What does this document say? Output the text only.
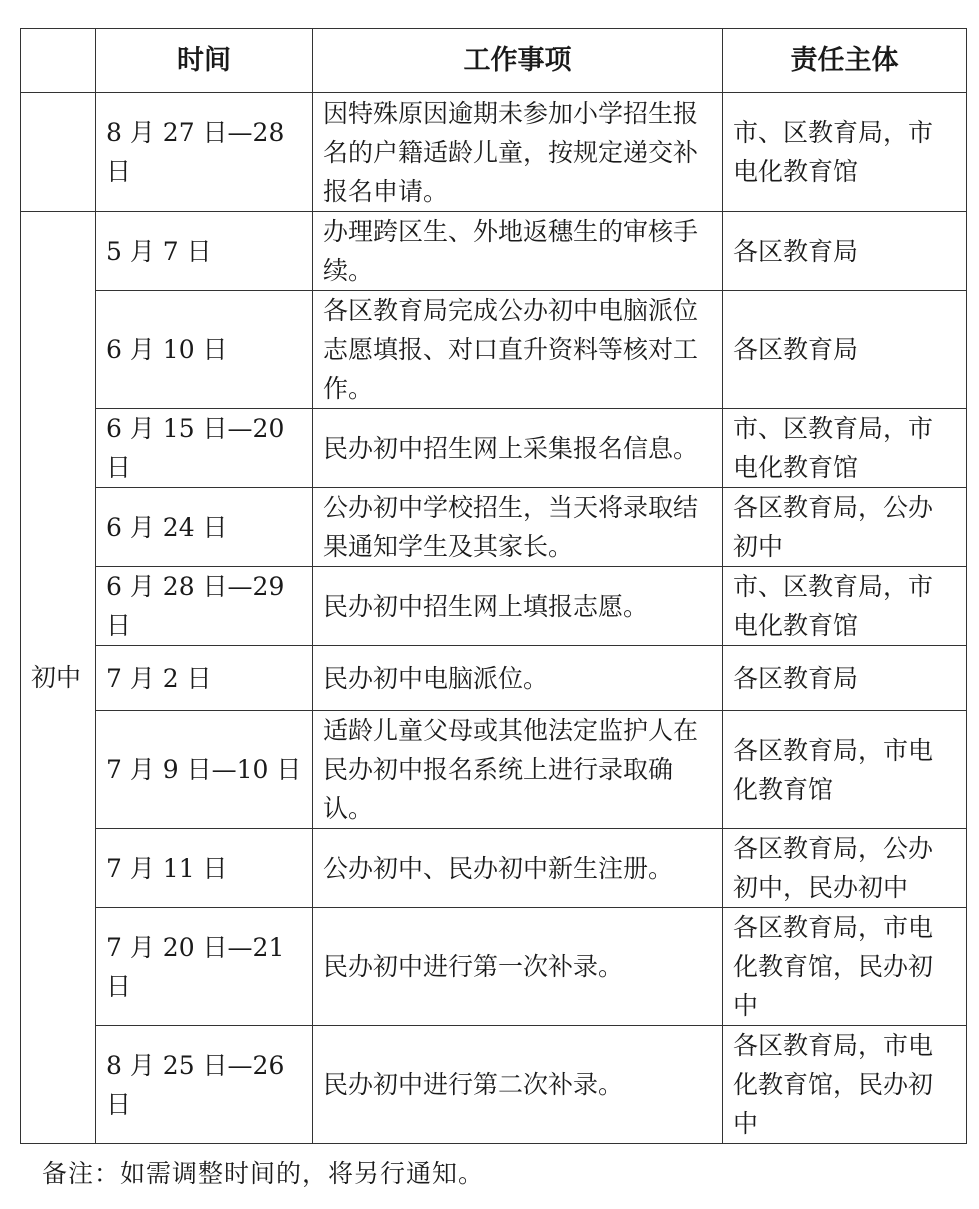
	时间	工作事项	责任主体
	8 月 27 日—28 日	因特殊原因逾期未参加小学招生报名的户籍适龄儿童，按规定递交补报名申请。	市、区教育局，市电化教育馆
初中	5 月 7 日	办理跨区生、外地返穗生的审核手续。	各区教育局
	6 月 10 日	各区教育局完成公办初中电脑派位志愿填报、对口直升资料等核对工作。	各区教育局
	6 月 15 日—20 日	民办初中招生网上采集报名信息。	市、区教育局，市电化教育馆
	6 月 24 日	公办初中学校招生，当天将录取结果通知学生及其家长。	各区教育局，公办初中
	6 月 28 日—29 日	民办初中招生网上填报志愿。	市、区教育局，市电化教育馆
	7 月 2 日	民办初中电脑派位。	各区教育局
	7 月 9 日—10 日	适龄儿童父母或其他法定监护人在民办初中报名系统上进行录取确认。	各区教育局，市电化教育馆
	7 月 11 日	公办初中、民办初中新生注册。	各区教育局，公办初中，民办初中
	7 月 20 日—21 日	民办初中进行第一次补录。	各区教育局，市电化教育馆，民办初中
	8 月 25 日—26 日	民办初中进行第二次补录。	各区教育局，市电化教育馆，民办初中
备注：如需调整时间的，将另行通知。
